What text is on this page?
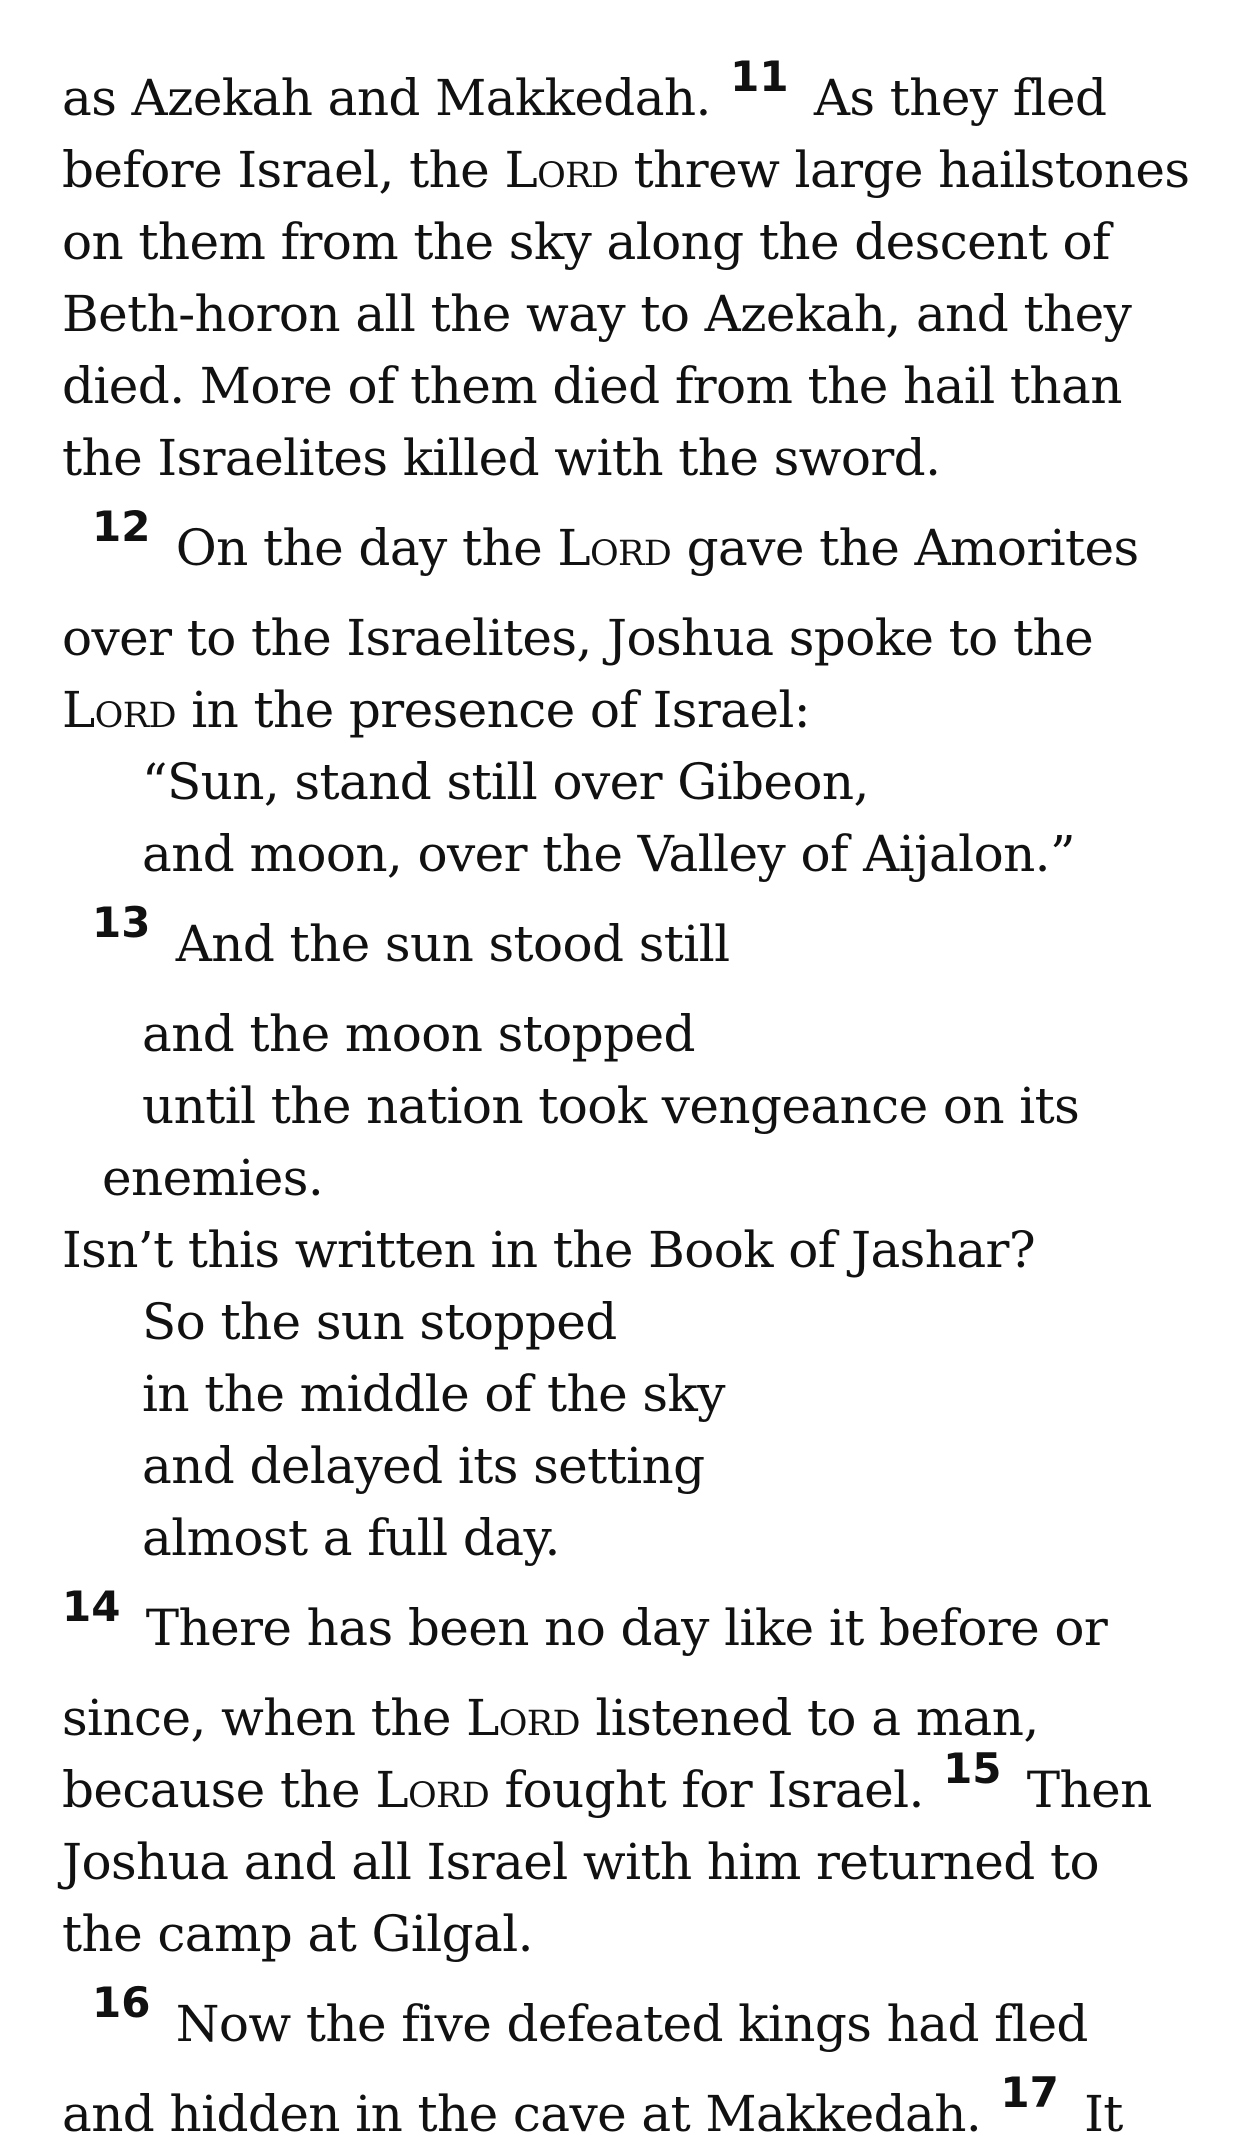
as Azekah and Makkedah. $^{11}$ As they fled
before Israel, the Lord threw large hailstones
on them from the sky along the descent of
Beth-horon all the way to Azekah, and they
died. More of them died from the hail than
the Israelites killed with the sword.
$^{12}$ On the day the Lord gave the Amorites
over to the Israelites, Joshua spoke to the
Lord in the presence of Israel:
“Sun, stand still over Gibeon,
and moon, over the Valley of Aijalon.”
$^{13}$ And the sun stood still
and the moon stopped
until the nation took vengeance on its
enemies.
Isn’t this written in the Book of Jashar?
So the sun stopped
in the middle of the sky
and delayed its setting
almost a full day.
$^{14}$ There has been no day like it before or
since, when the Lord listened to a man,
because the Lord fought for Israel. $^{15}$ Then
Joshua and all Israel with him returned to
the camp at Gilgal.
$^{16}$ Now the five defeated kings had fled
and hidden in the cave at Makkedah. $^{17}$ It
